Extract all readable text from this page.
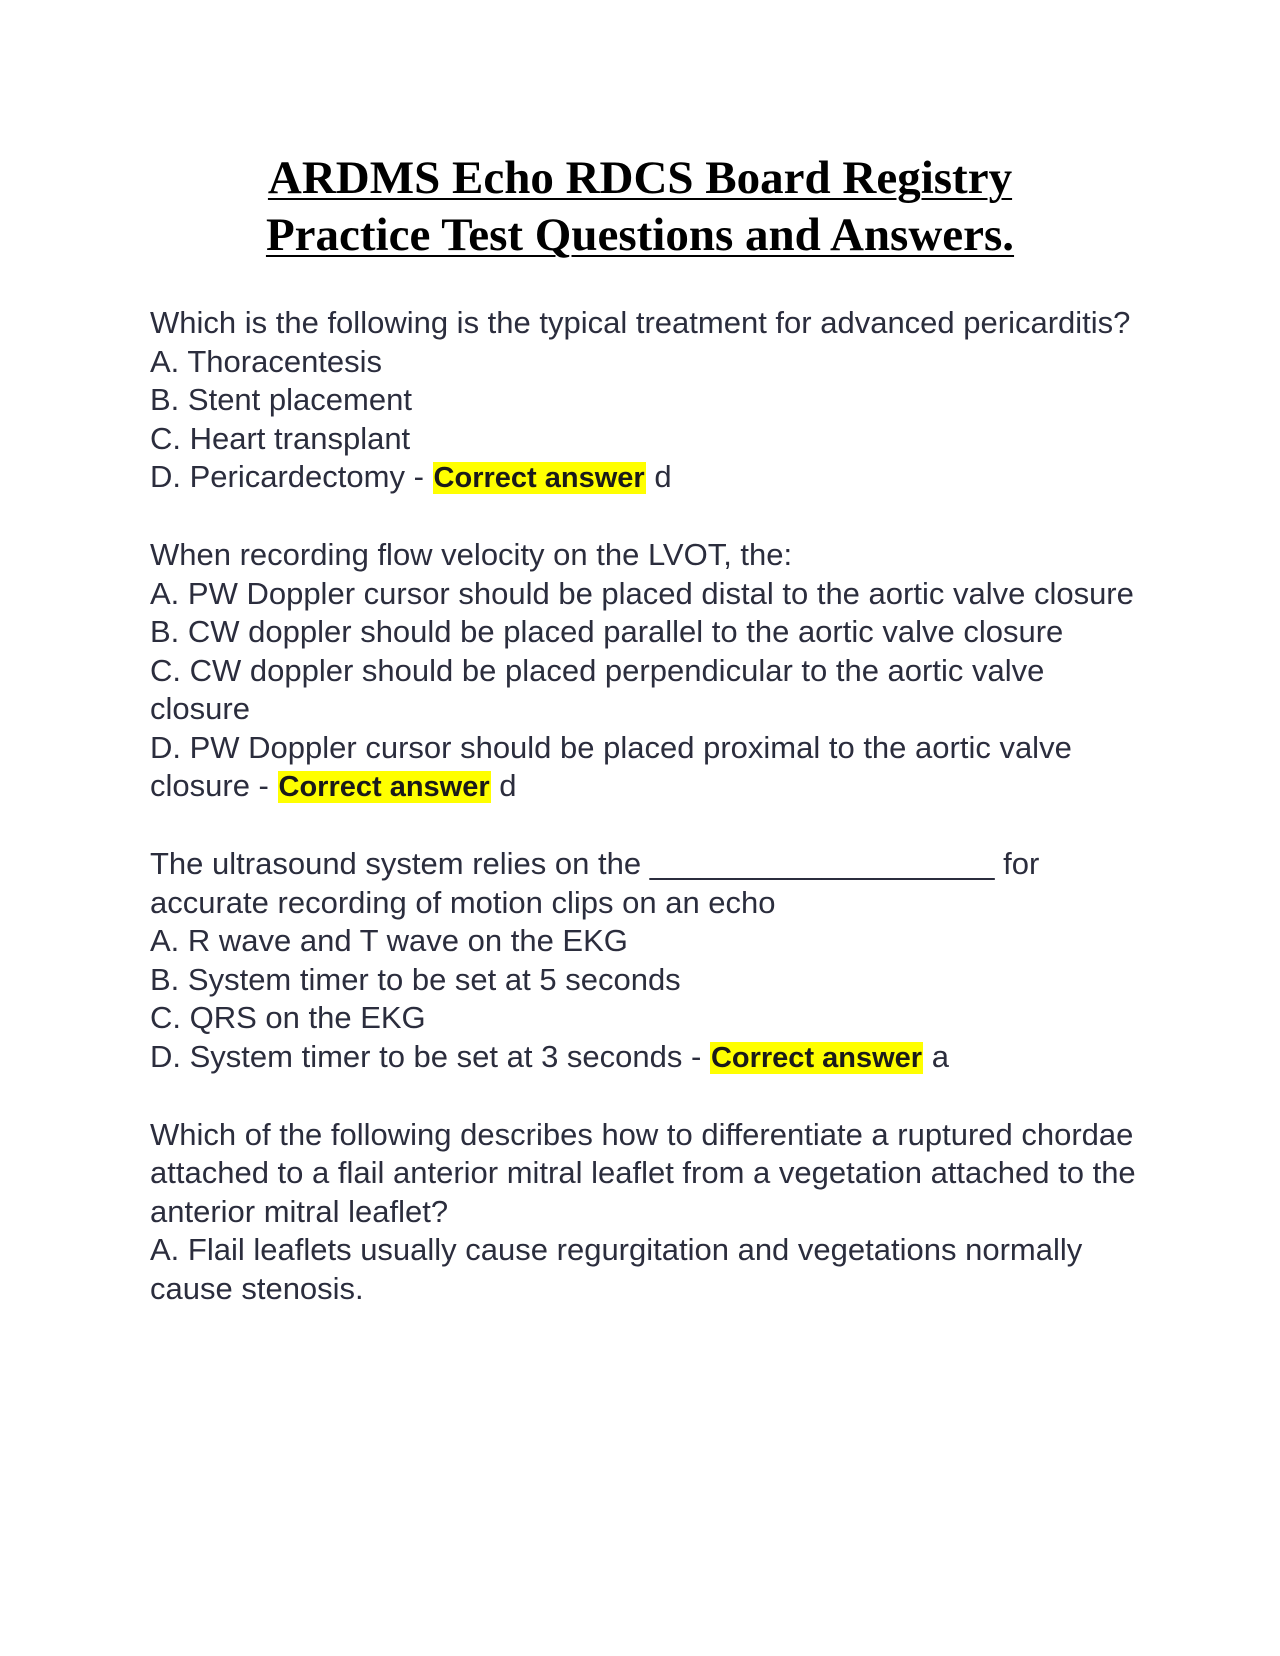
ARDMS Echo RDCS Board Registry
Practice Test Questions and Answers.

Which is the following is the typical treatment for advanced pericarditis?

A. Thoracentesis

B. Stent placement

C. Heart transplant

D. Pericardectomy - Correct answer d

When recording flow velocity on the LVOT, the:

A. PW Doppler cursor should be placed distal to the aortic valve closure

B. CW doppler should be placed parallel to the aortic valve closure

C. CW doppler should be placed perpendicular to the aortic valve closure

D. PW Doppler cursor should be placed proximal to the aortic valve closure - Correct answer d

The ultrasound system relies on the ____________________ for accurate recording of motion clips on an echo

A. R wave and T wave on the EKG

B. System timer to be set at 5 seconds

C. QRS on the EKG

D. System timer to be set at 3 seconds - Correct answer a

Which of the following describes how to differentiate a ruptured chordae attached to a flail anterior mitral leaflet from a vegetation attached to the anterior mitral leaflet?

A. Flail leaflets usually cause regurgitation and vegetations normally cause stenosis.
